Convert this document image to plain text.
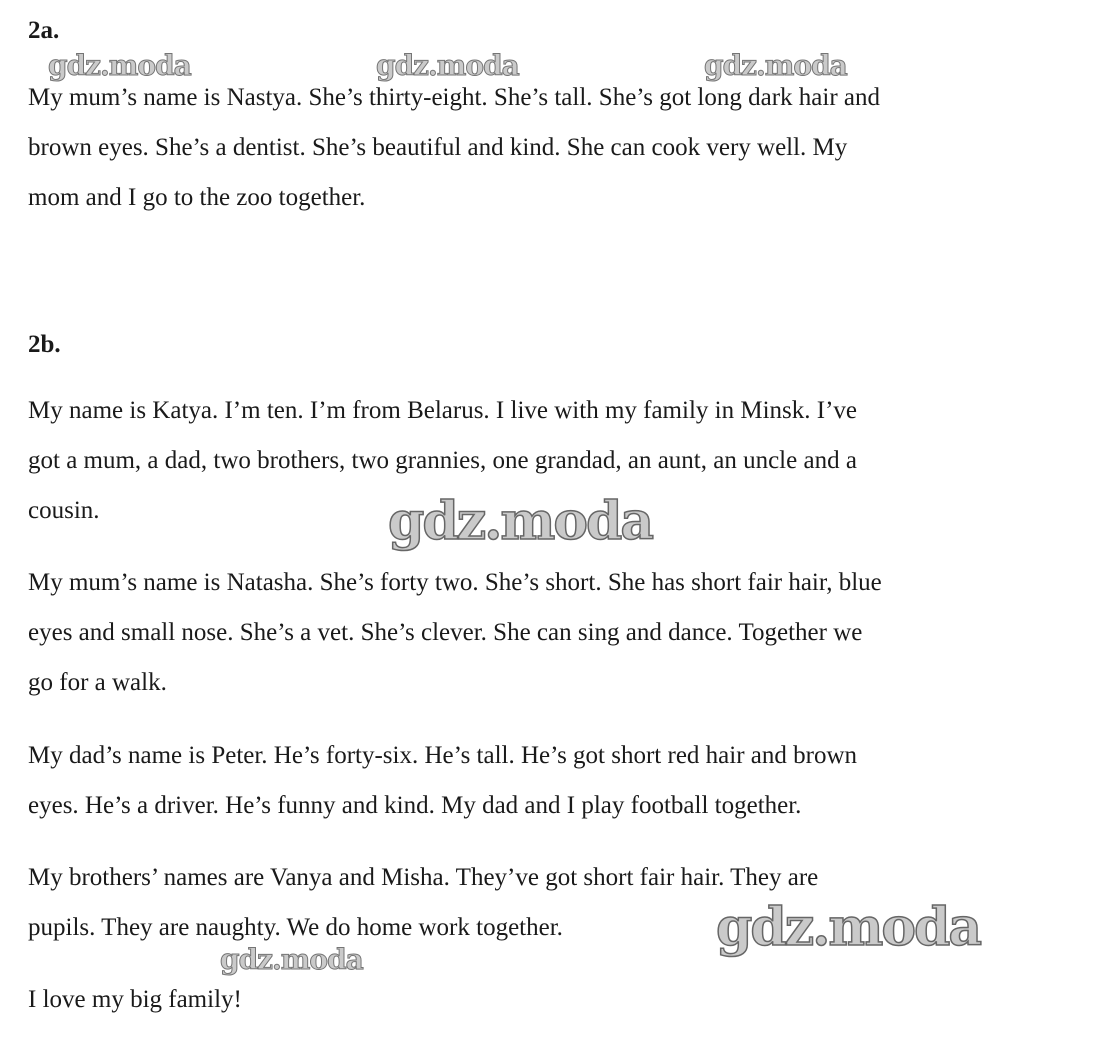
2a.
gdz.moda	gdz.moda	gdz.moda
My mum’s name is Nastya. She’s thirty-eight. She’s tall. She’s got long dark hair and
brown eyes. She’s a dentist. She’s beautiful and kind. She can cook very well. My
mom and I go to the zoo together.
2b.
My name is Katya. I’m ten. I’m from Belarus. I live with my family in Minsk. I’ve
got a mum, a dad, two brothers, two grannies, one grandad, an aunt, an uncle and a
cousin.	gdz.moda
My mum’s name is Natasha. She’s forty two. She’s short. She has short fair hair, blue
eyes and small nose. She’s a vet. She’s clever. She can sing and dance. Together we
go for a walk.
My dad’s name is Peter. He’s forty-six. He’s tall. He’s got short red hair and brown
eyes. He’s a driver. He’s funny and kind. My dad and I play football together.
My brothers’ names are Vanya and Misha. They’ve got short fair hair. They are
pupils. They are naughty. We do home work together.	gdz.moda
gdz.moda
I love my big family!
